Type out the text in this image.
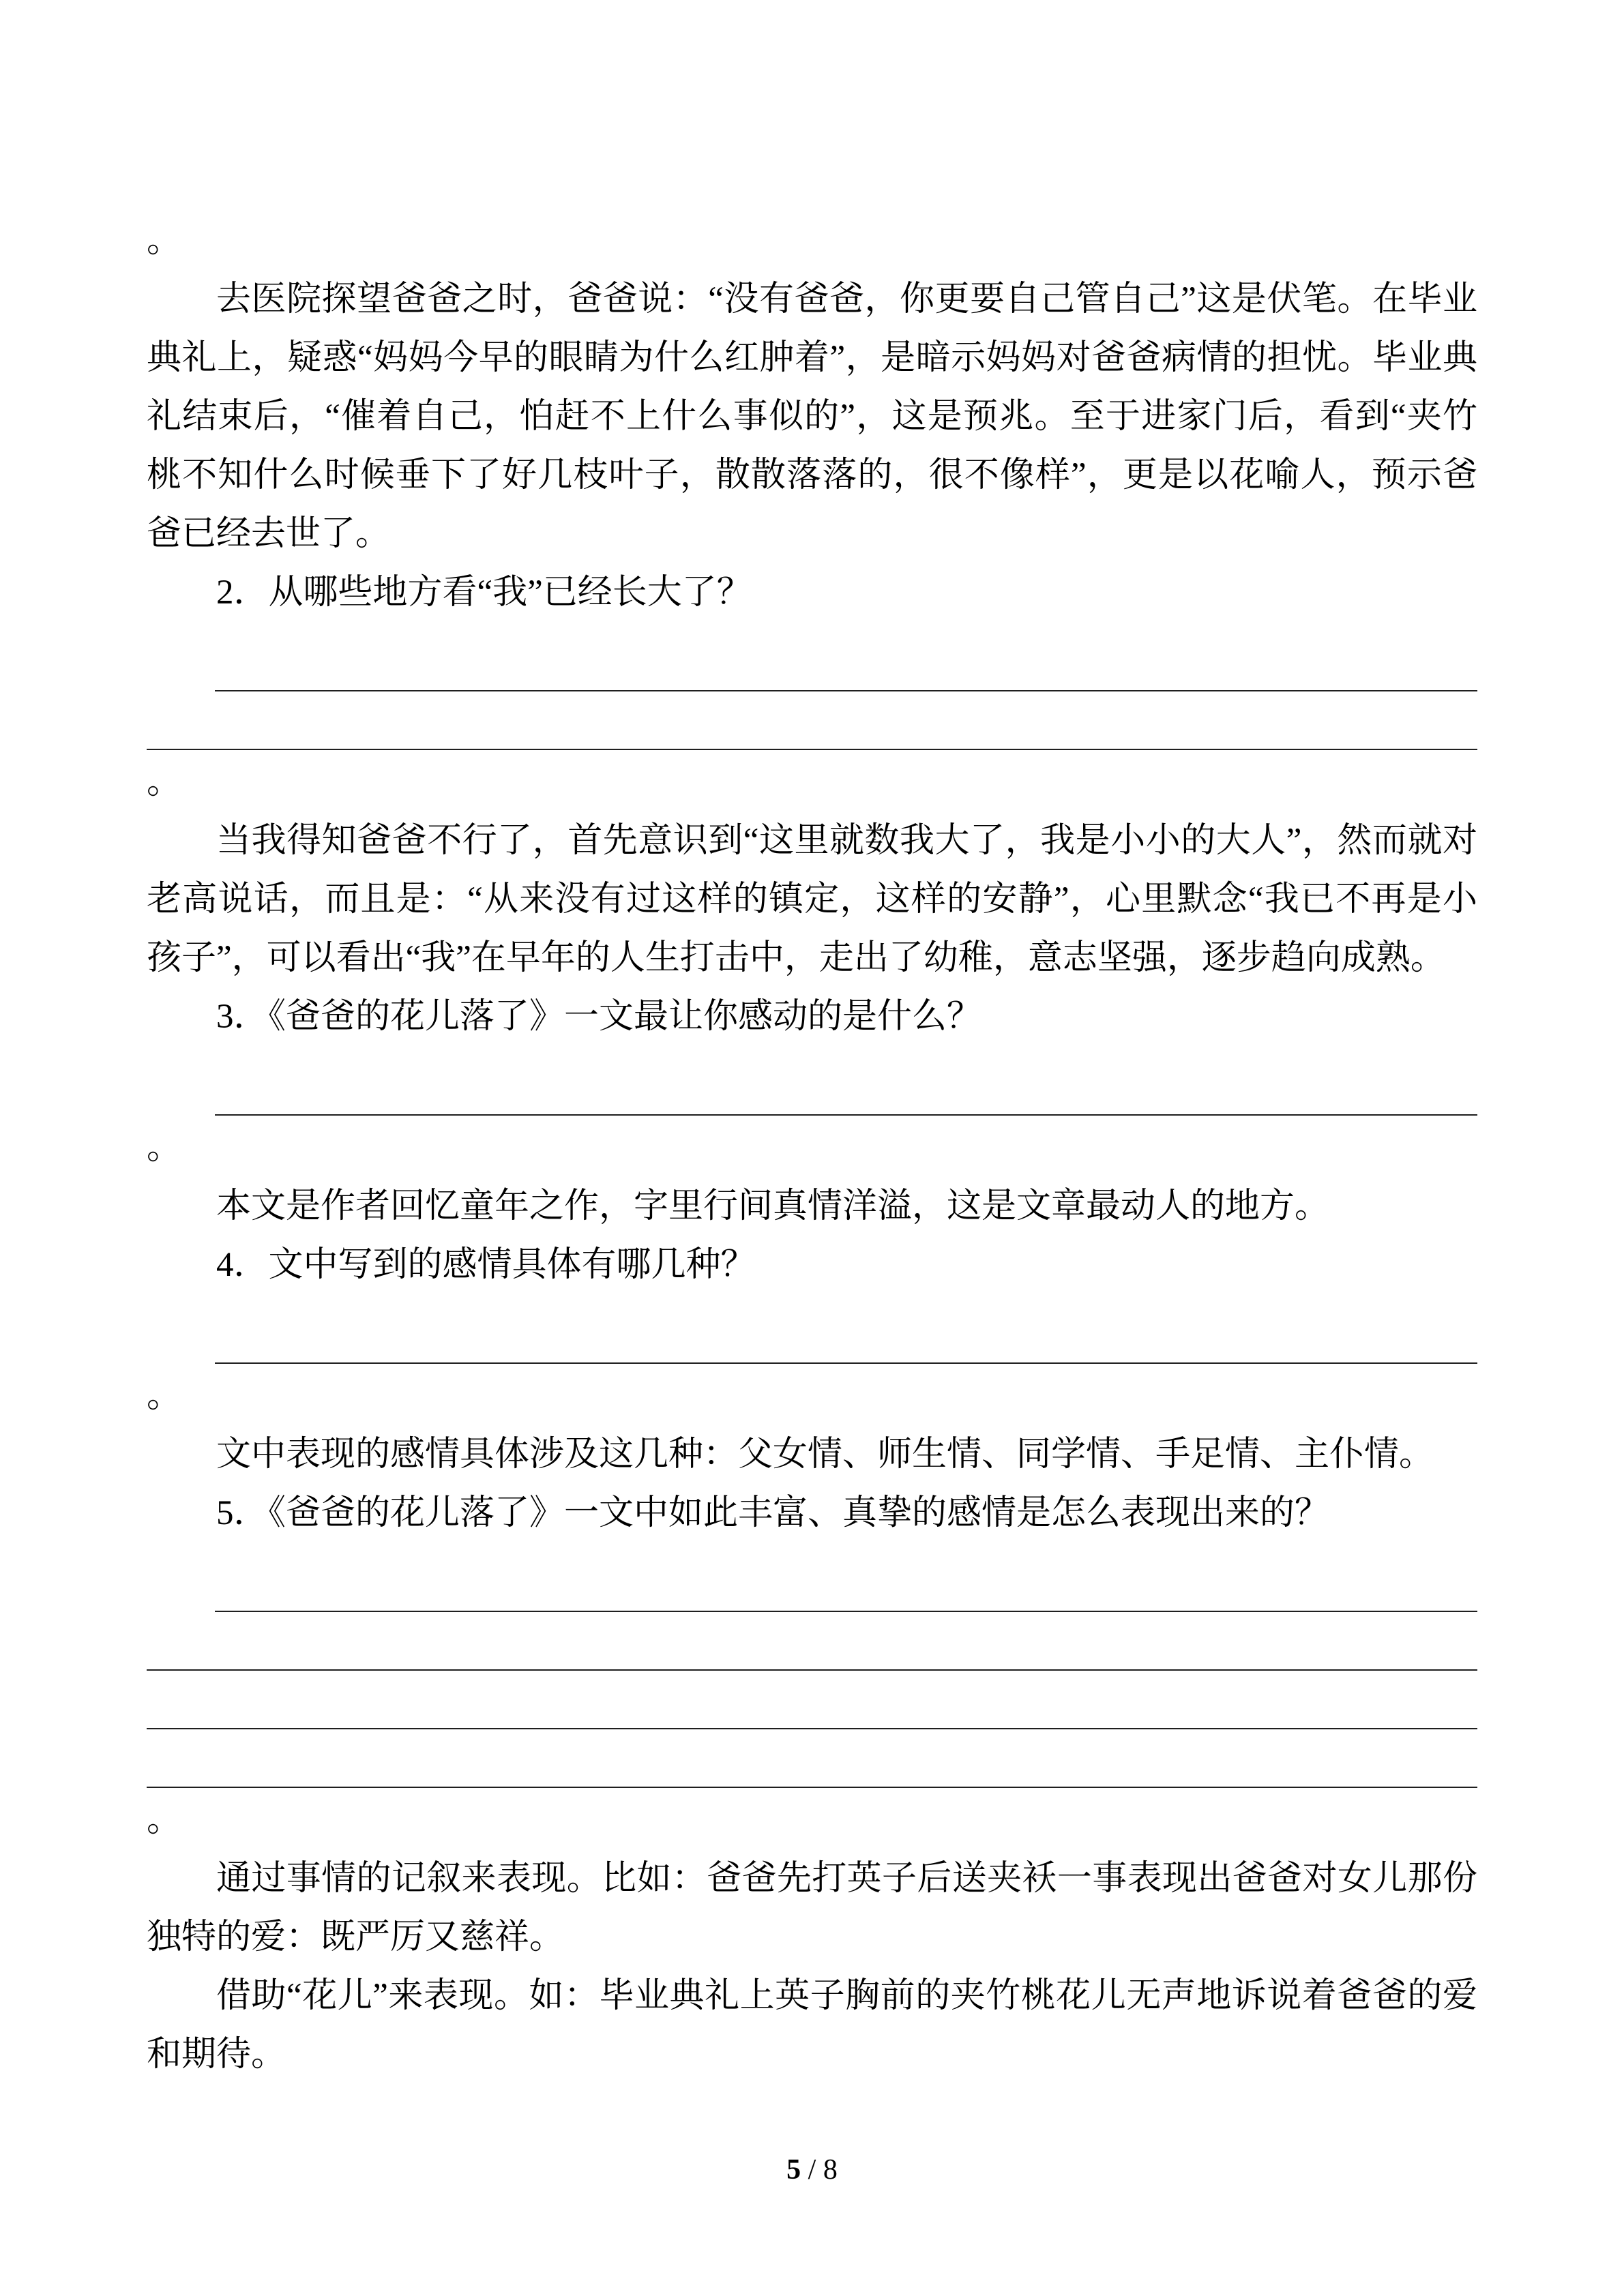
。

去医院探望爸爸之时，爸爸说：“没有爸爸，你更要自己管自己”这是伏笔。在毕业典礼上，疑惑“妈妈今早的眼睛为什么红肿着”，是暗示妈妈对爸爸病情的担忧。毕业典礼结束后，“催着自己，怕赶不上什么事似的”，这是预兆。至于进家门后，看到“夹竹桃不知什么时候垂下了好几枝叶子，散散落落的，很不像样”，更是以花喻人，预示爸爸已经去世了。

2．从哪些地方看“我”已经长大了？

。

当我得知爸爸不行了，首先意识到“这里就数我大了，我是小小的大人”，然而就对老高说话，而且是：“从来没有过这样的镇定，这样的安静”，心里默念“我已不再是小孩子”，可以看出“我”在早年的人生打击中，走出了幼稚，意志坚强，逐步趋向成熟。

3．《爸爸的花儿落了》一文最让你感动的是什么？

。

本文是作者回忆童年之作，字里行间真情洋溢，这是文章最动人的地方。

4．文中写到的感情具体有哪几种？

。

文中表现的感情具体涉及这几种：父女情、师生情、同学情、手足情、主仆情。

5．《爸爸的花儿落了》一文中如此丰富、真挚的感情是怎么表现出来的？

。

通过事情的记叙来表现。比如：爸爸先打英子后送夹袄一事表现出爸爸对女儿那份独特的爱：既严厉又慈祥。

借助“花儿”来表现。如：毕业典礼上英子胸前的夹竹桃花儿无声地诉说着爸爸的爱和期待。

5 / 8
